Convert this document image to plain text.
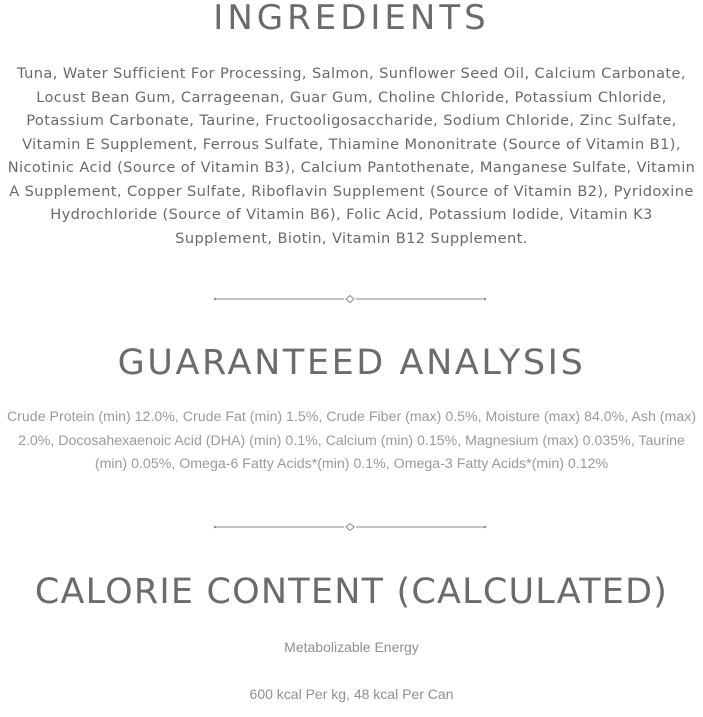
INGREDIENTS

Tuna, Water Sufficient For Processing, Salmon, Sunflower Seed Oil, Calcium Carbonate, Locust Bean Gum, Carrageenan, Guar Gum, Choline Chloride, Potassium Chloride, Potassium Carbonate, Taurine, Fructooligosaccharide, Sodium Chloride, Zinc Sulfate, Vitamin E Supplement, Ferrous Sulfate, Thiamine Mononitrate (Source of Vitamin B1), Nicotinic Acid (Source of Vitamin B3), Calcium Pantothenate, Manganese Sulfate, Vitamin A Supplement, Copper Sulfate, Riboflavin Supplement (Source of Vitamin B2), Pyridoxine Hydrochloride (Source of Vitamin B6), Folic Acid, Potassium Iodide, Vitamin K3 Supplement, Biotin, Vitamin B12 Supplement.

GUARANTEED ANALYSIS

Crude Protein (min) 12.0%, Crude Fat (min) 1.5%, Crude Fiber (max) 0.5%, Moisture (max) 84.0%, Ash (max) 2.0%, Docosahexaenoic Acid (DHA) (min) 0.1%, Calcium (min) 0.15%, Magnesium (max) 0.035%, Taurine (min) 0.05%, Omega-6 Fatty Acids*(min) 0.1%, Omega-3 Fatty Acids*(min) 0.12%

CALORIE CONTENT (CALCULATED)

Metabolizable Energy

600 kcal Per kg, 48 kcal Per Can
